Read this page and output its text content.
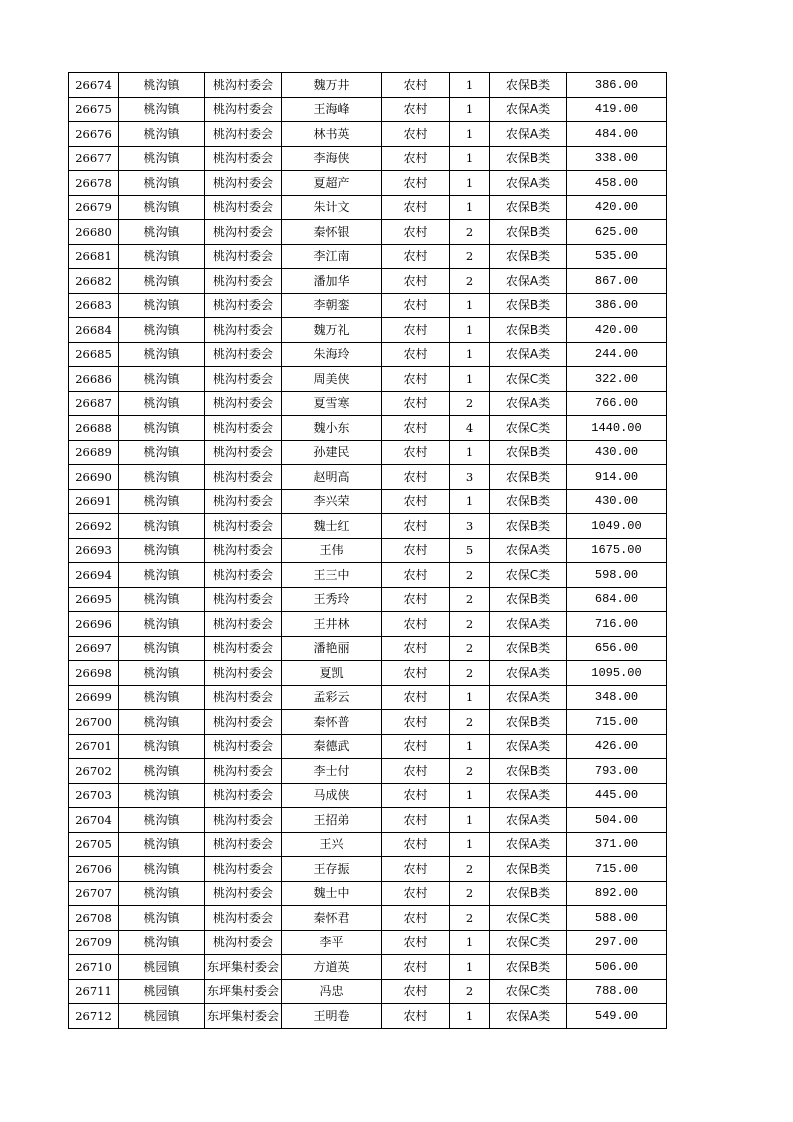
26674	桃沟镇	桃沟村委会	魏万井	农村	1	农保B类	386.00
26675	桃沟镇	桃沟村委会	王海峰	农村	1	农保A类	419.00
26676	桃沟镇	桃沟村委会	林书英	农村	1	农保A类	484.00
26677	桃沟镇	桃沟村委会	李海侠	农村	1	农保B类	338.00
26678	桃沟镇	桃沟村委会	夏超产	农村	1	农保A类	458.00
26679	桃沟镇	桃沟村委会	朱计文	农村	1	农保B类	420.00
26680	桃沟镇	桃沟村委会	秦怀银	农村	2	农保B类	625.00
26681	桃沟镇	桃沟村委会	李江南	农村	2	农保B类	535.00
26682	桃沟镇	桃沟村委会	潘加华	农村	2	农保A类	867.00
26683	桃沟镇	桃沟村委会	李朝銮	农村	1	农保B类	386.00
26684	桃沟镇	桃沟村委会	魏万礼	农村	1	农保B类	420.00
26685	桃沟镇	桃沟村委会	朱海玲	农村	1	农保A类	244.00
26686	桃沟镇	桃沟村委会	周美侠	农村	1	农保C类	322.00
26687	桃沟镇	桃沟村委会	夏雪寒	农村	2	农保A类	766.00
26688	桃沟镇	桃沟村委会	魏小东	农村	4	农保C类	1440.00
26689	桃沟镇	桃沟村委会	孙建民	农村	1	农保B类	430.00
26690	桃沟镇	桃沟村委会	赵明高	农村	3	农保B类	914.00
26691	桃沟镇	桃沟村委会	李兴荣	农村	1	农保B类	430.00
26692	桃沟镇	桃沟村委会	魏士红	农村	3	农保B类	1049.00
26693	桃沟镇	桃沟村委会	王伟	农村	5	农保A类	1675.00
26694	桃沟镇	桃沟村委会	王三中	农村	2	农保C类	598.00
26695	桃沟镇	桃沟村委会	王秀玲	农村	2	农保B类	684.00
26696	桃沟镇	桃沟村委会	王井林	农村	2	农保A类	716.00
26697	桃沟镇	桃沟村委会	潘艳丽	农村	2	农保B类	656.00
26698	桃沟镇	桃沟村委会	夏凯	农村	2	农保A类	1095.00
26699	桃沟镇	桃沟村委会	孟彩云	农村	1	农保A类	348.00
26700	桃沟镇	桃沟村委会	秦怀普	农村	2	农保B类	715.00
26701	桃沟镇	桃沟村委会	秦德武	农村	1	农保A类	426.00
26702	桃沟镇	桃沟村委会	李士付	农村	2	农保B类	793.00
26703	桃沟镇	桃沟村委会	马成侠	农村	1	农保A类	445.00
26704	桃沟镇	桃沟村委会	王招弟	农村	1	农保A类	504.00
26705	桃沟镇	桃沟村委会	王兴	农村	1	农保A类	371.00
26706	桃沟镇	桃沟村委会	王存振	农村	2	农保B类	715.00
26707	桃沟镇	桃沟村委会	魏士中	农村	2	农保B类	892.00
26708	桃沟镇	桃沟村委会	秦怀君	农村	2	农保C类	588.00
26709	桃沟镇	桃沟村委会	李平	农村	1	农保C类	297.00
26710	桃园镇	东坪集村委会	方道英	农村	1	农保B类	506.00
26711	桃园镇	东坪集村委会	冯忠	农村	2	农保C类	788.00
26712	桃园镇	东坪集村委会	王明卷	农村	1	农保A类	549.00
